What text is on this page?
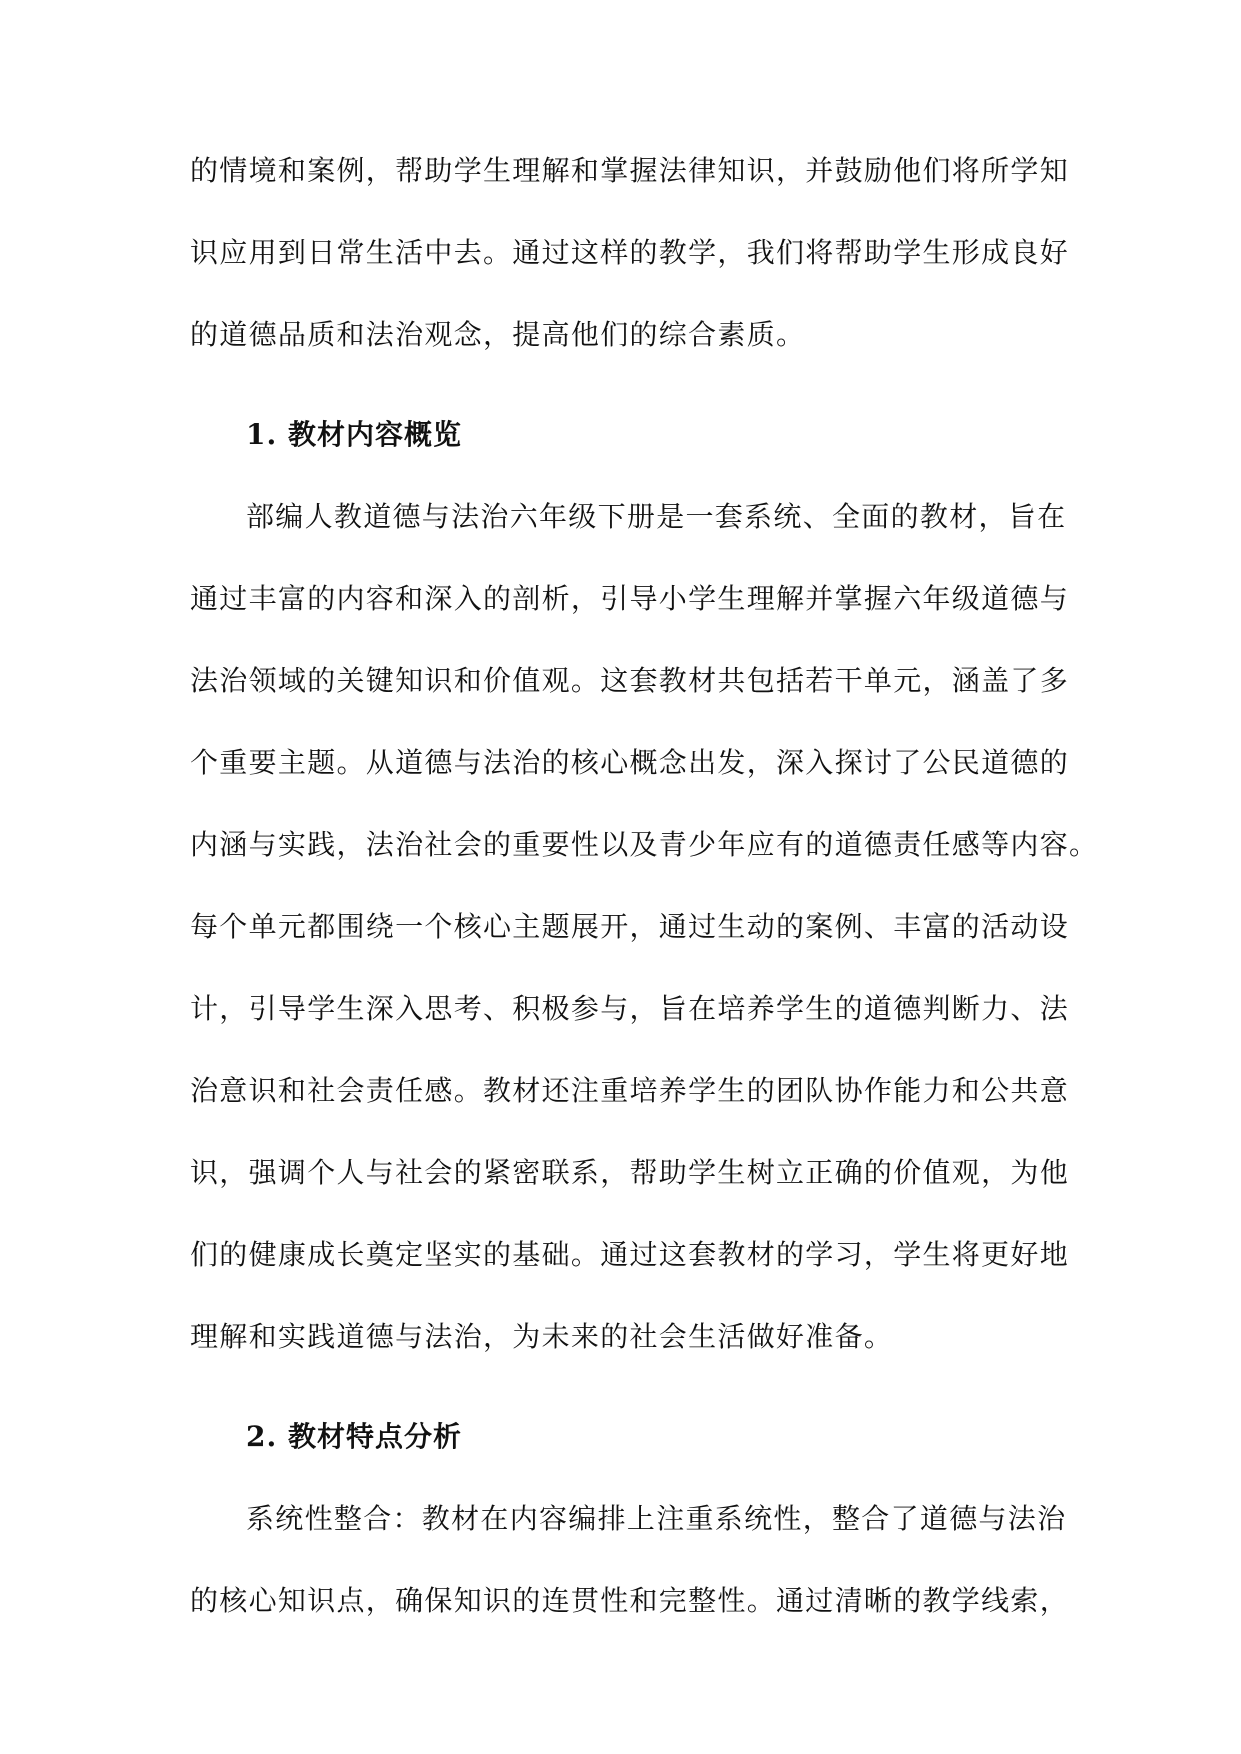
的情境和案例，帮助学生理解和掌握法律知识，并鼓励他们将所学知
识应用到日常生活中去。通过这样的教学，我们将帮助学生形成良好
的道德品质和法治观念，提高他们的综合素质。
1. 教材内容概览
部编人教道德与法治六年级下册是一套系统、全面的教材，旨在
通过丰富的内容和深入的剖析，引导小学生理解并掌握六年级道德与
法治领域的关键知识和价值观。这套教材共包括若干单元，涵盖了多
个重要主题。从道德与法治的核心概念出发，深入探讨了公民道德的
内涵与实践，法治社会的重要性以及青少年应有的道德责任感等内容。
每个单元都围绕一个核心主题展开，通过生动的案例、丰富的活动设
计，引导学生深入思考、积极参与，旨在培养学生的道德判断力、法
治意识和社会责任感。教材还注重培养学生的团队协作能力和公共意
识，强调个人与社会的紧密联系，帮助学生树立正确的价值观，为他
们的健康成长奠定坚实的基础。通过这套教材的学习，学生将更好地
理解和实践道德与法治，为未来的社会生活做好准备。
2. 教材特点分析
系统性整合：教材在内容编排上注重系统性，整合了道德与法治
的核心知识点，确保知识的连贯性和完整性。通过清晰的教学线索，
